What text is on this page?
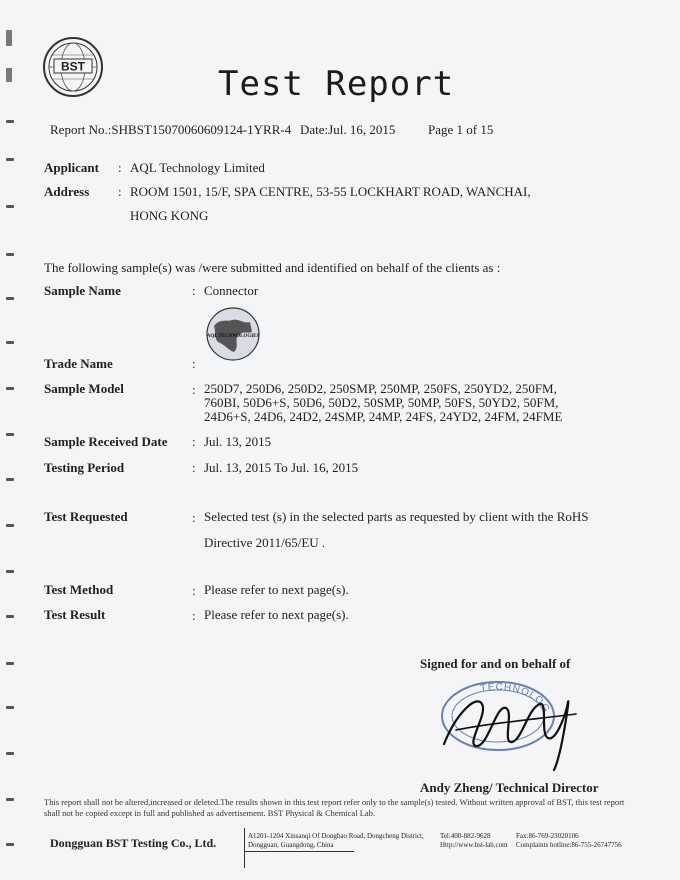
BST	Test Report
Report No.:SHBST15070060609124-1YRR-4 Date:Jul. 16, 2015	Page 1 of 15
Applicant : AQL Technology Limited
Address : ROOM 1501, 15/F, SPA CENTRE, 53-55 LOCKHART ROAD, WANCHAI,
HONG KONG
The following sample(s) was /were submitted and identified on behalf of the clients as :
Sample Name	: Connector
AQL TECHNOLOGIES
Trade Name	:
Sample Model	: 250D7, 250D6, 250D2, 250SMP, 250MP, 250FS, 250YD2, 250FM,
760BI, 50D6+S, 50D6, 50D2, 50SMP, 50MP, 50FS, 50YD2, 50FM,
24D6+S, 24D6, 24D2, 24SMP, 24MP, 24FS, 24YD2, 24FM, 24FME
Sample Received Date : Jul. 13, 2015
Testing Period	: Jul. 13, 2015 To Jul. 16, 2015
Test Requested	: Selected test (s) in the selected parts as requested by client with the RoHS
Directive 2011/65/EU .
Test Method	: Please refer to next page(s).
Test Result	: Please refer to next page(s).
Signed for and on behalf of
TECHNOLOG
Andy Zheng/ Technical Director
This report shall not be altered,increased or deleted.The results shown in this test report refer only to the sample(s) tested. Without written approval of BST, this test report shall not be copied except in full and published as advertisement. BST Physical & Chemical Lab.
Dongguan BST Testing Co., Ltd.	A1201-1204 Xinsanqi Of Dongbao Road, Dongcheng District,
Dongguan, Guangdong, China
Tel:400-882-9628
Http://www.bst-lab.com
Fax:86-769-23020106
Complaints hotline:86-755-26747756
